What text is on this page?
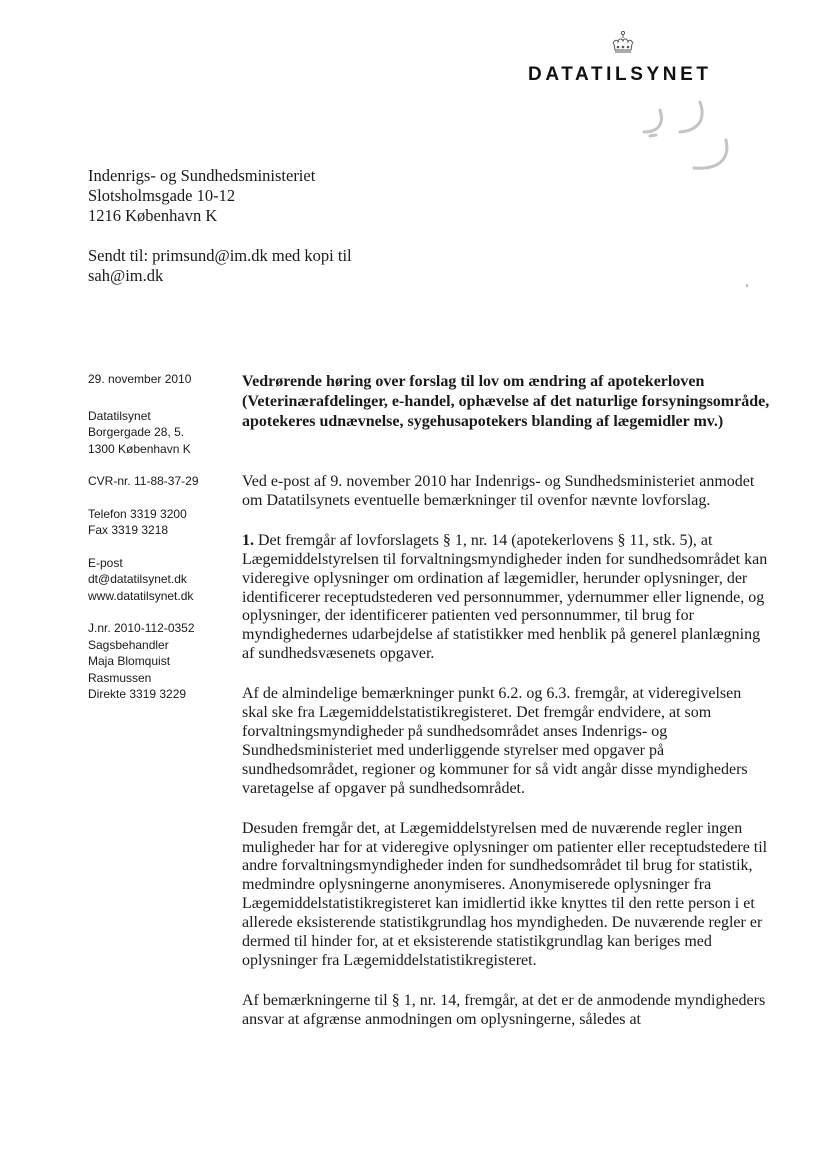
DATATILSYNET
Indenrigs- og Sundhedsministeriet
Slotsholmsgade 10-12
1216 København K
Sendt til: primsund@im.dk med kopi til sah@im.dk
29. november 2010
Datatilsynet
Borgergade 28, 5.
1300 København K
CVR-nr. 11-88-37-29
Telefon 3319 3200
Fax 3319 3218
E-post
dt@datatilsynet.dk
www.datatilsynet.dk
J.nr. 2010-112-0352
Sagsbehandler
Maja Blomquist
Rasmussen
Direkte 3319 3229
Vedrørende høring over forslag til lov om ændring af apotekerloven (Veterinærafdelinger, e-handel, ophævelse af det naturlige forsyningsområde, apotekeres udnævnelse, sygehusapotekers blanding af lægemidler mv.)

Ved e-post af 9. november 2010 har Indenrigs- og Sundhedsministeriet anmodet om Datatilsynets eventuelle bemærkninger til ovenfor nævnte lovforslag.

1. Det fremgår af lovforslagets § 1, nr. 14 (apotekerlovens § 11, stk. 5), at Lægemiddelstyrelsen til forvaltningsmyndigheder inden for sundhedsområdet kan videregive oplysninger om ordination af lægemidler, herunder oplysninger, der identificerer receptudstederen ved personnummer, ydernummer eller lignende, og oplysninger, der identificerer patienten ved personnummer, til brug for myndighedernes udarbejdelse af statistikker med henblik på generel planlægning af sundhedsvæsenets opgaver.

Af de almindelige bemærkninger punkt 6.2. og 6.3. fremgår, at videregivelsen skal ske fra Lægemiddelstatistikregisteret. Det fremgår endvidere, at som forvaltningsmyndigheder på sundhedsområdet anses Indenrigs- og Sundhedsministeriet med underliggende styrelser med opgaver på sundhedsområdet, regioner og kommuner for så vidt angår disse myndigheders varetagelse af opgaver på sundhedsområdet.

Desuden fremgår det, at Lægemiddelstyrelsen med de nuværende regler ingen muligheder har for at videregive oplysninger om patienter eller receptudstedere til andre forvaltningsmyndigheder inden for sundhedsområdet til brug for statistik, medmindre oplysningerne anonymiseres. Anonymiserede oplysninger fra Lægemiddelstatistikregisteret kan imidlertid ikke knyttes til den rette person i et allerede eksisterende statistikgrundlag hos myndigheden. De nuværende regler er dermed til hinder for, at et eksisterende statistikgrundlag kan beriges med oplysninger fra Lægemiddelstatistikregisteret.

Af bemærkningerne til § 1, nr. 14, fremgår, at det er de anmodende myndigheders ansvar at afgrænse anmodningen om oplysningerne, således at
